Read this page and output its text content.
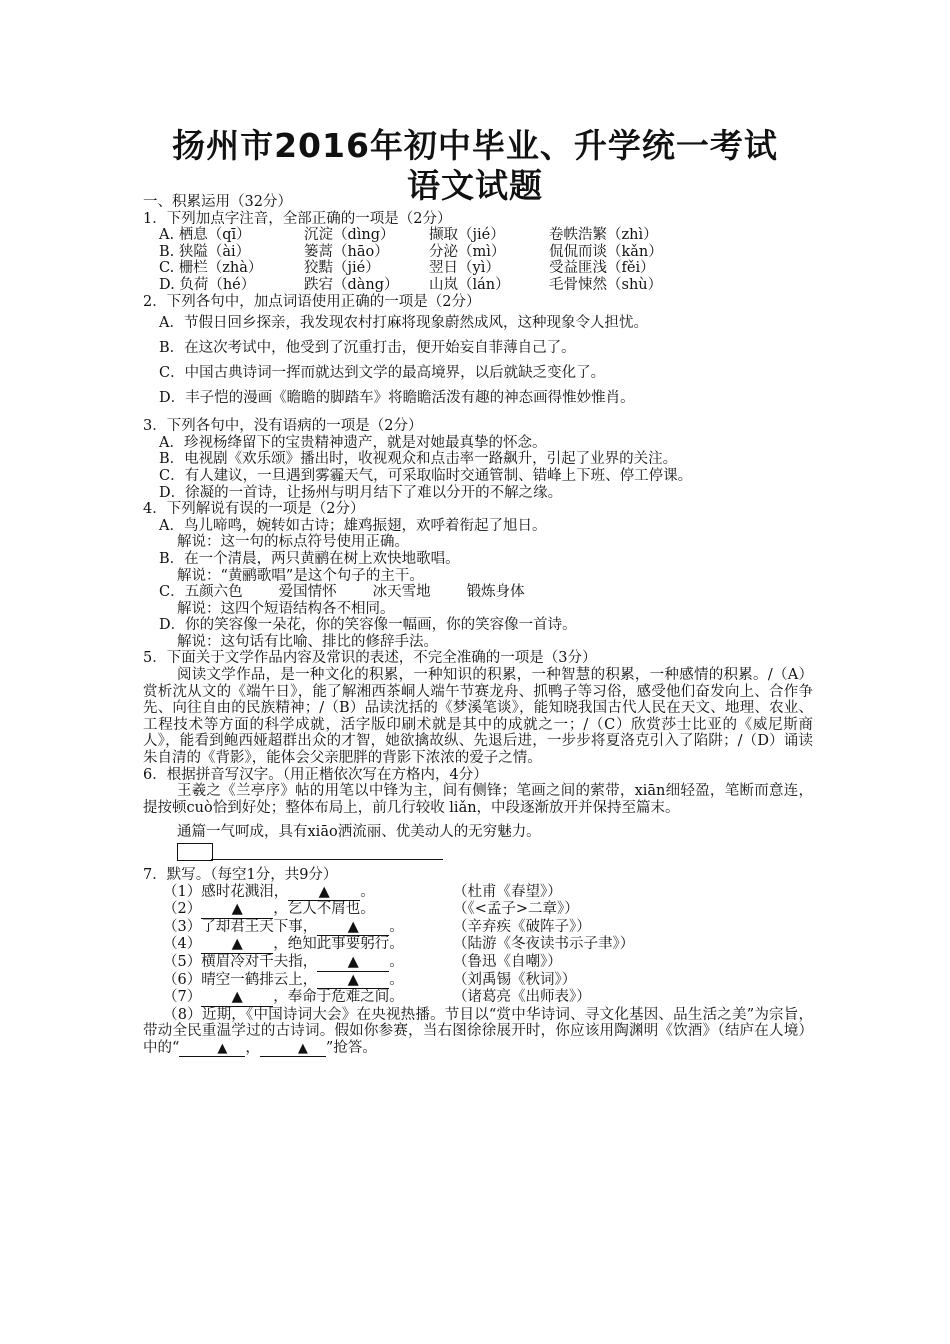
扬州市2016年初中毕业、升学统一考试
语文试题
一、积累运用（32分）
1．下列加点字注音，全部正确的一项是（2分）
A. 栖息（qī）	沉淀（dìng）	撷取（jié）	卷帙浩繁（zhì）
B. 狭隘（ài）	篓蒿（hāo）	分泌（mì）	侃侃而谈（kǎn）
C. 栅栏（zhà）	狡黠（jié）	翌日（yì）	受益匪浅（fěi）
D. 负荷（hé）	跌宕（dàng）	山岚（lán）	毛骨悚然（shù）
2．下列各句中，加点词语使用正确的一项是（2分）
A．节假日回乡探亲，我发现农村打麻将现象蔚然成风，这种现象令人担忧。
B．在这次考试中，他受到了沉重打击，便开始妄自菲薄自己了。
C．中国古典诗词一挥而就达到文学的最高境界，以后就缺乏变化了。
D．丰子恺的漫画《瞻瞻的脚踏车》将瞻瞻活泼有趣的神态画得惟妙惟肖。
3．下列各句中，没有语病的一项是（2分）
A．珍视杨绛留下的宝贵精神遗产，就是对她最真挚的怀念。
B．电视剧《欢乐颂》播出时，收视观众和点击率一路飙升，引起了业界的关注。
C．有人建议，一旦遇到雾霾天气，可采取临时交通管制、错峰上下班、停工停课。
D．徐凝的一首诗，让扬州与明月结下了难以分开的不解之缘。
4．下列解说有误的一项是（2分）
A．鸟儿啼鸣，婉转如古诗；雄鸡振翅，欢呼着衔起了旭日。
解说：这一句的标点符号使用正确。
B．在一个清晨，两只黄鹂在树上欢快地歌唱。
解说：“黄鹂歌唱”是这个句子的主干。
C．五颜六色 爱国情怀 冰天雪地 锻炼身体
解说：这四个短语结构各不相同。
D．你的笑容像一朵花，你的笑容像一幅画，你的笑容像一首诗。
解说：这句话有比喻、排比的修辞手法。
5．下面关于文学作品内容及常识的表述，不完全准确的一项是（3分）
阅读文学作品，是一种文化的积累，一种知识的积累，一种智慧的积累，一种感情的积累。/（A）赏析沈从文的《端午日》，能了解湘西茶峒人端午节赛龙舟、抓鸭子等习俗，感受他们奋发向上、合作争先、向往自由的民族精神；/（B）品读沈括的《梦溪笔谈》，能知晓我国古代人民在天文、地理、农业、工程技术等方面的科学成就，活字版印刷术就是其中的成就之一；/（C）欣赏莎士比亚的《威尼斯商人》，能看到鲍西娅超群出众的才智，她欲擒故纵、先退后进，一步步将夏洛克引入了陷阱；/（D）诵读朱自清的《背影》，能体会父亲肥胖的背影下浓浓的爱子之情。
6．根据拼音写汉字。（用正楷依次写在方格内，4分）
王羲之《兰亭序》帖的用笔以中锋为主，间有侧锋；笔画之间的萦带，xiān细轻盈，笔断而意连，提按顿cuò恰到好处；整体布局上，前几行较收 liǎn，中段逐渐放开并保持至篇末。
通篇一气呵成，具有xiāo洒流丽、优美动人的无穷魅力。
7．默写。（每空1分，共9分）
（1）感时花溅泪， ▲ 。	（杜甫《春望》）
（2） ▲ ，乞人不屑也。	（《<孟子>二章》）
（3）了却君王天下事， ▲ 。	（辛弃疾《破阵子》）
（4） ▲ ，绝知此事要躬行。	（陆游《冬夜读书示子聿》）
（5）横眉冷对千夫指， ▲ 。	（鲁迅《自嘲》）
（6）晴空一鹤排云上， ▲ 。	（刘禹锡《秋词》）
（7） ▲ ，奉命于危难之间。	（诸葛亮《出师表》）
（8）近期，《中国诗词大会》在央视热播。节目以“赏中华诗词、寻文化基因、品生活之美”为宗旨，带动全民重温学过的古诗词。假如你参赛，当右图徐徐展开时，你应该用陶渊明《饮酒》（结庐在人境）中的“	▲ ，	▲ ”抢答。
